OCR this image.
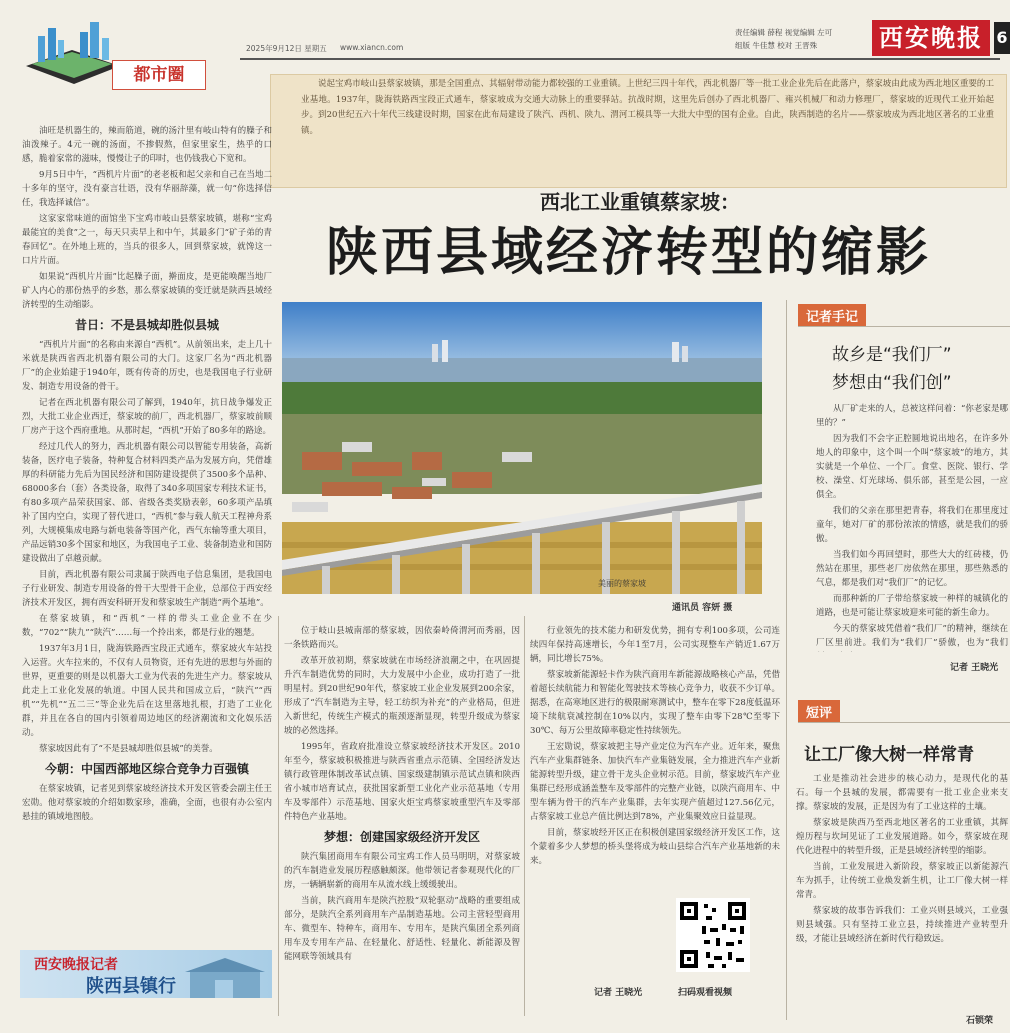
都市圈
2025年9月12日 星期五 www.xiancn.com
责任编辑 薛程 视觉编辑 左可
组版 牛佳慧 校对 王晋殊	西安晚报 6
说起宝鸡市岐山县蔡家坡镇，那是全国重点、其辐射带动能力都较强的工业重镇。上世纪三四十年代，西北机器厂等一批工业企业先后在此落户，蔡家坡由此成为西北地区重要的工业基地。1937年，陇海铁路西宝段正式通车，蔡家坡成为交通大动脉上的重要驿站。抗战时期，这里先后创办了西北机器厂、雍兴机械厂和动力修理厂，蔡家坡的近现代工业开始起步。到20世纪五六十年代三线建设时期，国家在此布局建设了陕汽、西机、陕九、渭河工模具等一大批大中型的国有企业。自此，陕西制造的名片——蔡家坡成为西北地区著名的工业重镇。
西北工业重镇蔡家坡：
陕西县域经济转型的缩影

油旺是机器生的，辣而筋道，碗的汤汁里有岐山特有的臊子和油泼辣子。4元一碗的汤面，不掺假熬，但家里家生，热乎的口感，脆着家常的滋味，慢慢让子的印时，也仍钱我心下宽和。

9月5日中午，“西机片片面”的老老板和起父亲和自己在当地二十多年的坚守，没有豪言壮语，没有华丽辞藻，就一句“你选择信任，我选择诚信”。

这家家常味道的面馆坐下宝鸡市岐山县蔡家坡镇，堪称“宝鸡最能宜的美食”之一，每天只卖早上和中午，其最多门“矿子弟的青春回忆”。在外地上班的，当兵的很多人，回到蔡家坡，就馋这一口片片面。

如果说“西机片片面”比起臊子面，擀面皮，是更能唤醒当地厂矿人内心的那份热乎的乡愁，那么蔡家坡镇的变迁就是陕西县域经济转型的生动缩影。

昔日：不是县城却胜似县城

“西机片片面”的名称由来源自“西机”。从前领出来，走上几十米就是陕西省西北机器有限公司的大门。这家厂名为“西北机器厂”的企业始建于1940年，既有传奇的历史，也是我国电子行业研发、制造专用设备的骨干。

记者在西北机器有限公司了解到，1940年，抗日战争爆发正烈，大批工业企业西迁，蔡家坡的前厂，西北机器厂，蔡家坡前顺厂房产于这个西府重地。从那时起，“西机”开始了80多年的路途。

经过几代人的努力，西北机器有限公司以智能专用装备，高新装备，医疗电子装备，特种复合材料四类产品为发展方向，凭借雄厚的科研能力先后为国民经济和国防建设提供了3500多个品种、68000多台（套）各类设备，取得了340多项国家专利技术证书，有80多项产品荣获国家、部、省级各类奖励表彰，60多项产品填补了国内空白，实现了替代进口，“西机”参与载人航天工程神舟系列，大规模集成电路与新电装备等国产化，西气东输等重大项目，产品远销30多个国家和地区，为我国电子工业、装备制造业和国防建设做出了卓越贡献。

目前，西北机器有限公司隶属于陕西电子信息集团，是我国电子行业研发、制造专用设备的骨干大型骨干企业，总部位于西安经济技术开发区，拥有西安科研开发和蔡家坡生产制造“两个基地”。

在蔡家坡镇，和“西机”一样的带头工业企业不在少数，“702”“陕九”“陕汽”……每一个拎出来，都是行业的翘楚。

1937年3月1日，陇海铁路西宝段正式通车，蔡家坡火车站投入运营。火车拉来的，不仅有人员物资，还有先进的思想与外面的世界，更重要的则是以机器大工业为代表的先进生产力。蔡家坡从此走上工业化发展的轨道。中国人民共和国成立后，“陕汽”“西机”“先机”“五二三”等企业先后在这里落地扎根，打造了工业化群，并且在各自的国内引领着周边地区的经济潮流和文化娱乐活动。

蔡家坡因此有了“不是县城却胜似县城”的美誉。

今朝：中国西部地区综合竞争力百强镇

在蔡家坡镇，记者见到蔡家坡经济技术开发区管委会副主任王宏勋。他对蔡家坡的介绍如数家珍，准确，全面，也很有办公室内悬挂的镇域地图般。

西安晚报记者
陕西县镇行
美丽的蔡家坡
通讯员 容妍 摄

位于岐山县城南部的蔡家坡，因依秦岭倚渭河而秀丽，因一条铁路而兴。

改革开放初期，蔡家坡就在市场经济浪潮之中，在巩固提升汽车制造优势的同时，大力发展中小企业，成功打造了一批明星村。到20世纪90年代，蔡家坡工业企业发展到200余家，形成了“汽车制造为主导，轻工纺织为补充”的产业格局，但进入新世纪，传统生产模式的瓶颈逐渐显现，转型升级成为蔡家坡的必然选择。

1995年，省政府批准设立蔡家坡经济技术开发区。2010年至今，蔡家坡积极推进与陕西省重点示范镇、全国经济发达镇行政管理体制改革试点镇、国家级建制镇示范试点镇和陕西省小城市培育试点，获批国家新型工业化产业示范基地（专用车及零部件）示范基地、国家火炬宝鸡蔡家坡重型汽车及零部件特色产业基地。

梦想：创建国家级经济开发区

陕汽集团商用车有限公司宝鸡工作人员马明明，对蔡家坡的汽车制造业发展历程感触颇深。他带领记者参观现代化的厂房，一辆辆崭新的商用车从流水线上缓缓驶出。

当前，陕汽商用车是陕汽控股“双轮驱动”战略的重要组成部分，是陕汽全系列商用车产品制造基地。公司主营轻型商用车、微型车、特种车，商用车、专用车，是陕汽集团全系列商用车及专用车产品、在轻量化、舒适性、轻量化、新能源及智能网联等领域具有

行业领先的技术能力和研发优势，拥有专利100多项，公司连续四年保持高速增长，今年1至7月，公司实现整车产销近1.67万辆，同比增长75%。

蔡家坡新能源轻卡作为陕汽商用车新能源战略核心产品，凭借着超长续航能力和智能化驾驶技术等核心竞争力，收获不少订单。据悉，在高寒地区进行的极限耐寒测试中，整车在零下28度低温环境下续航衰减控制在10%以内，实现了整车由零下28℃至零下30℃、每万公里故障率稳定性持续领先。

王宏勋说，蔡家坡把主导产业定位为汽车产业。近年来，聚焦汽车产业集群链条、加快汽车产业集链发展，全力推进汽车产业新能源转型升级，建立骨干龙头企业树示范。目前，蔡家坡汽车产业集群已经形成涵盖整车及零部件的完整产业链，以陕汽商用车、中型车辆为骨干的汽车产业集群，去年实现产值超过127.56亿元，占蔡家坡工业总产值比例达到78%，产业集聚效应日益显现。

目前，蔡家坡经开区正在积极创建国家级经济开发区工作，这个蒙着多少人梦想的桥头堡将成为岐山县综合汽车产业基地新的未来。

记者 王晓光	扫码观看视频
记者手记
故乡是“我们厂”
梦想由“我们创”

从厂矿走来的人，总被这样问着：“你老家是哪里的？”

因为我们不会字正腔圆地说出地名，在许多外地人的印象中，这个叫一个叫“蔡家坡”的地方，其实就是一个单位、一个厂。食堂、医院、银行、学校、澡堂、灯光球场、俱乐部，甚至是公园，一应俱全。

我们的父亲在那里把青春，将我们在那里度过童年，她对厂矿的那份浓浓的情感，就是我们的骄傲。

当我们如今再回望时，那些大大的红砖楼，仍然站在那里，那些老厂房依然在那里，那些熟悉的气息，都是我们对“我们厂”的记忆。

而那种新的厂子带给蔡家坡一种样的城镇化的道路，也是可能让蔡家坡迎来可能的新生命力。

今天的蔡家坡凭借着“我们厂”的精神，继续在厂区里前进。我们为“我们厂”骄傲，也为“我们

记者 王晓光
短评
让工厂像大树一样常青

工业是推动社会进步的核心动力，是现代化的基石。每一个县城的发展，都需要有一批工业企业来支撑。蔡家坡的发展，正是因为有了工业这样的土壤。

蔡家坡是陕西乃至西北地区著名的工业重镇，其辉煌历程与坎坷见证了工业发展道路。如今，蔡家坡在现代化进程中的转型升级，正是县域经济转型的缩影。

当前，工业发展进入新阶段，蔡家坡正以新能源汽车为抓手，让传统工业焕发新生机，让工厂像大树一样常青。

蔡家坡的故事告诉我们：工业兴则县域兴，工业强则县域强。只有坚持工业立县，持续推进产业转型升级，才能让县域经济在新时代行稳致远。

石锁荣
